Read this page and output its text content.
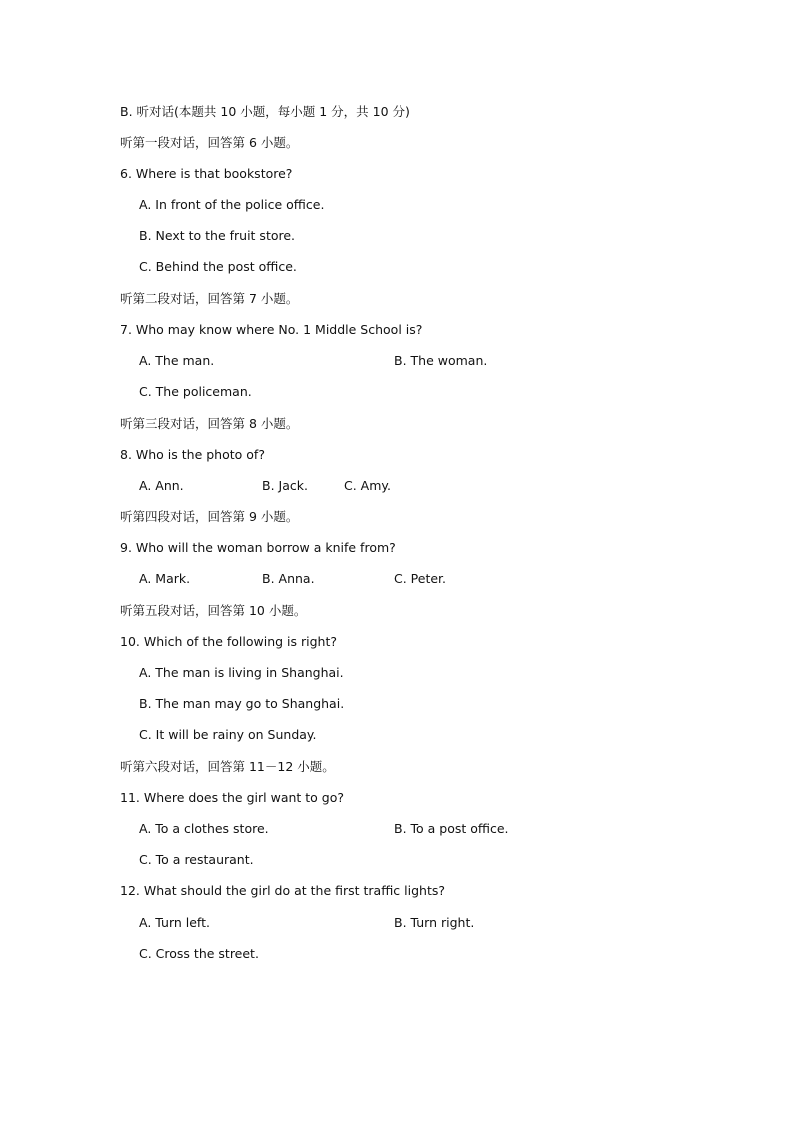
B. 听对话(本题共 10 小题，每小题 1 分，共 10 分)
听第一段对话，回答第 6 小题。
6. Where is that bookstore?
A. In front of the police office.
B. Next to the fruit store.
C. Behind the post office.
听第二段对话，回答第 7 小题。
7. Who may know where No. 1 Middle School is?
A. The man.	B. The woman.
C. The policeman.
听第三段对话，回答第 8 小题。
8. Who is the photo of?
A. Ann.	B. Jack.	C. Amy.
听第四段对话，回答第 9 小题。
9. Who will the woman borrow a knife from?
A. Mark.	B. Anna.	C. Peter.
听第五段对话，回答第 10 小题。
10. Which of the following is right?
A. The man is living in Shanghai.
B. The man may go to Shanghai.
C. It will be rainy on Sunday.
听第六段对话，回答第 11－12 小题。
11. Where does the girl want to go?
A. To a clothes store.	B. To a post office.
C. To a restaurant.
12. What should the girl do at the first traffic lights?
A. Turn left.	B. Turn right.
C. Cross the street.
